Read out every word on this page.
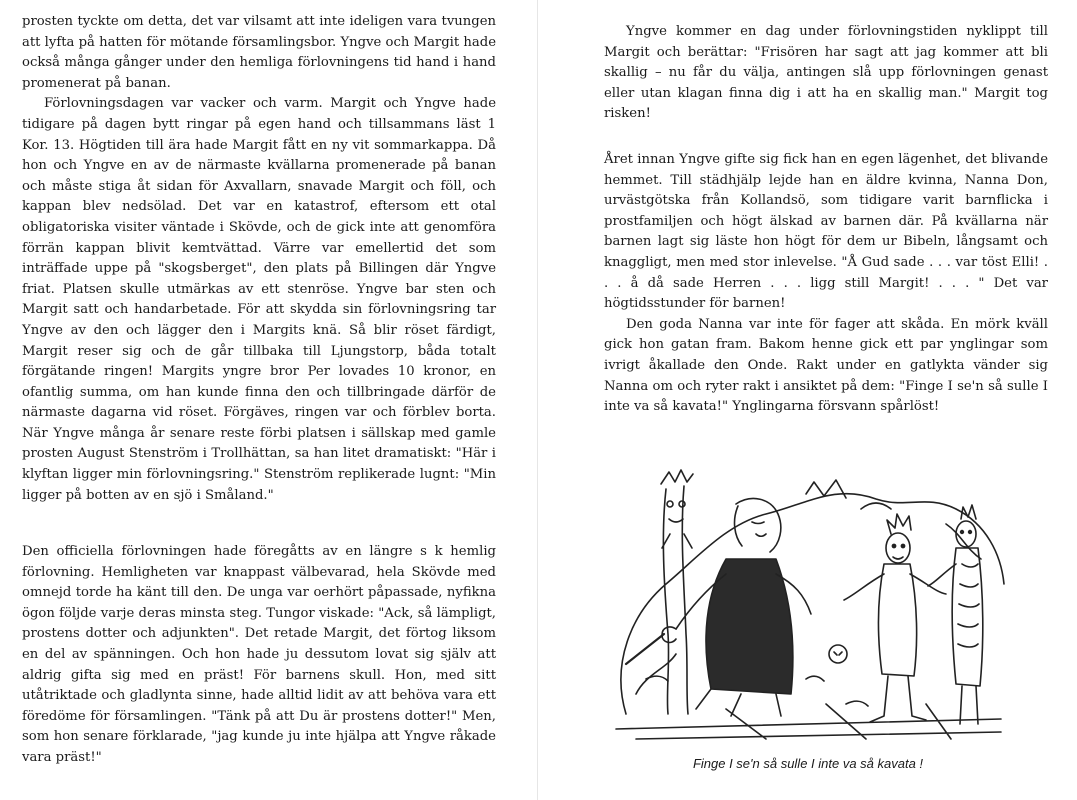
prosten tyckte om detta, det var vilsamt att inte ideligen vara tvungen att lyfta på hatten för mötande församlingsbor. Yngve och Margit hade också många gånger under den hemliga förlovningens tid hand i hand promenerat på banan.

Förlovningsdagen var vacker och varm. Margit och Yngve hade tidigare på dagen bytt ringar på egen hand och tillsammans läst 1 Kor. 13. Högtiden till ära hade Margit fått en ny vit sommarkappa. Då hon och Yngve en av de närmaste kvällarna promenerade på banan och måste stiga åt sidan för Axvallarn, snavade Margit och föll, och kappan blev nedsölad. Det var en katastrof, eftersom ett otal obligatoriska visiter väntade i Skövde, och de gick inte att genomföra förrän kappan blivit kemtvättad. Värre var emellertid det som inträffade uppe på "skogsberget", den plats på Billingen där Yngve friat. Platsen skulle utmärkas av ett stenröse. Yngve bar sten och Margit satt och handarbetade. För att skydda sin förlovningsring tar Yngve av den och lägger den i Margits knä. Så blir röset färdigt, Margit reser sig och de går tillbaka till Ljungstorp, båda totalt förgätande ringen! Margits yngre bror Per lovades 10 kronor, en ofantlig summa, om han kunde finna den och tillbringade därför de närmaste dagarna vid röset. Förgäves, ringen var och förblev borta. När Yngve många år senare reste förbi platsen i sällskap med gamle prosten August Stenström i Trollhättan, sa han litet dramatiskt: "Här i klyftan ligger min förlovningsring." Stenström replikerade lugnt: "Min ligger på botten av en sjö i Småland."

Den officiella förlovningen hade föregåtts av en längre s k hemlig förlovning. Hemligheten var knappast välbevarad, hela Skövde med omnejd torde ha känt till den. De unga var oerhört påpassade, nyfikna ögon följde varje deras minsta steg. Tungor viskade: "Ack, så lämpligt, prostens dotter och adjunkten". Det retade Margit, det förtog liksom en del av spänningen. Och hon hade ju dessutom lovat sig själv att aldrig gifta sig med en präst! För barnens skull. Hon, med sitt utåtriktade och gladlynta sinne, hade alltid lidit av att behöva vara ett föredöme för församlingen. "Tänk på att Du är prostens dotter!" Men, som hon senare förklarade, "jag kunde ju inte hjälpa att Yngve råkade vara präst!"

Yngve kommer en dag under förlovningstiden nyklippt till Margit och berättar: "Frisören har sagt att jag kommer att bli skallig – nu får du välja, antingen slå upp förlovningen genast eller utan klagan finna dig i att ha en skallig man." Margit tog risken!

Året innan Yngve gifte sig fick han en egen lägenhet, det blivande hemmet. Till städhjälp lejde han en äldre kvinna, Nanna Don, urvästgötska från Kollandsö, som tidigare varit barnflicka i prostfamiljen och högt älskad av barnen där. På kvällarna när barnen lagt sig läste hon högt för dem ur Bibeln, långsamt och knaggligt, men med stor inlevelse. "Å Gud sade . . . var töst Elli! . . . å då sade Herren . . . ligg still Margit! . . . " Det var högtidsstunder för barnen!

Den goda Nanna var inte för fager att skåda. En mörk kväll gick hon gatan fram. Bakom henne gick ett par ynglingar som ivrigt åkallade den Onde. Rakt under en gatlykta vänder sig Nanna om och ryter rakt i ansiktet på dem: "Finge I se'n så sulle I inte va så kavata!" Ynglingarna försvann spårlöst!

Finge I se'n så sulle I inte va så kavata !
